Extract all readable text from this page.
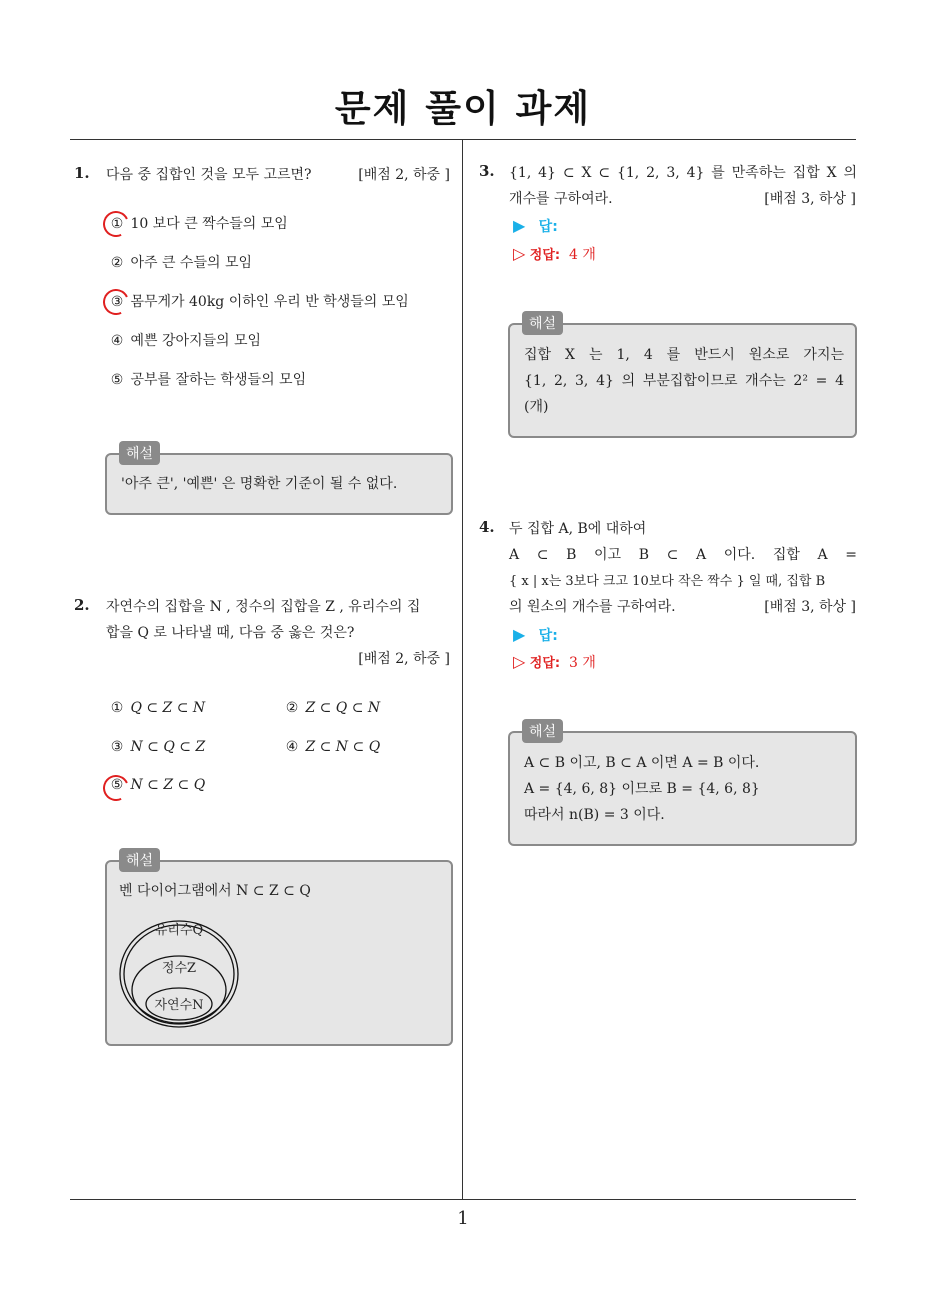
문제 풀이 과제
1
1. 다음 중 집합인 것을 모두 고르면?	[배점 2, 하중 ]
① 10 보다 큰 짝수들의 모임
② 아주 큰 수들의 모임
③ 몸무게가 40kg 이하인 우리 반 학생들의 모임
④ 예쁜 강아지들의 모임
⑤ 공부를 잘하는 학생들의 모임
해설
'아주 큰', '예쁜' 은 명확한 기준이 될 수 없다.
2. 자연수의 집합을 N , 정수의 집합을 Z , 유리수의 집
합을 Q 로 나타낼 때, 다음 중 옳은 것은?
[배점 2, 하중 ]
① Q ⊂ Z ⊂ N	② Z ⊂ Q ⊂ N
③ N ⊂ Q ⊂ Z	④ Z ⊂ N ⊂ Q
⑤ N ⊂ Z ⊂ Q
해설
벤 다이어그램에서 N ⊂ Z ⊂ Q
유리수Q
정수Z
자연수N
3. {1, 4} ⊂ X ⊂ {1, 2, 3, 4} 를 만족하는 집합 X 의
개수를 구하여라.	[배점 3, 하상 ]
▶ 답:
▷ 정답: 4 개
해설
집합 X 는 1, 4 를 반드시 원소로 가지는
{1, 2, 3, 4} 의 부분집합이므로 개수는 2² = 4
(개)
4. 두 집합 A, B에 대하여
A ⊂ B 이고 B ⊂ A 이다. 집합 A =
{ x | x는 3보다 크고 10보다 작은 짝수 } 일 때, 집합 B
의 원소의 개수를 구하여라.	[배점 3, 하상 ]
▶ 답:
▷ 정답: 3 개
해설
A ⊂ B 이고, B ⊂ A 이면 A = B 이다.
A = {4, 6, 8} 이므로 B = {4, 6, 8}
따라서 n(B) = 3 이다.
